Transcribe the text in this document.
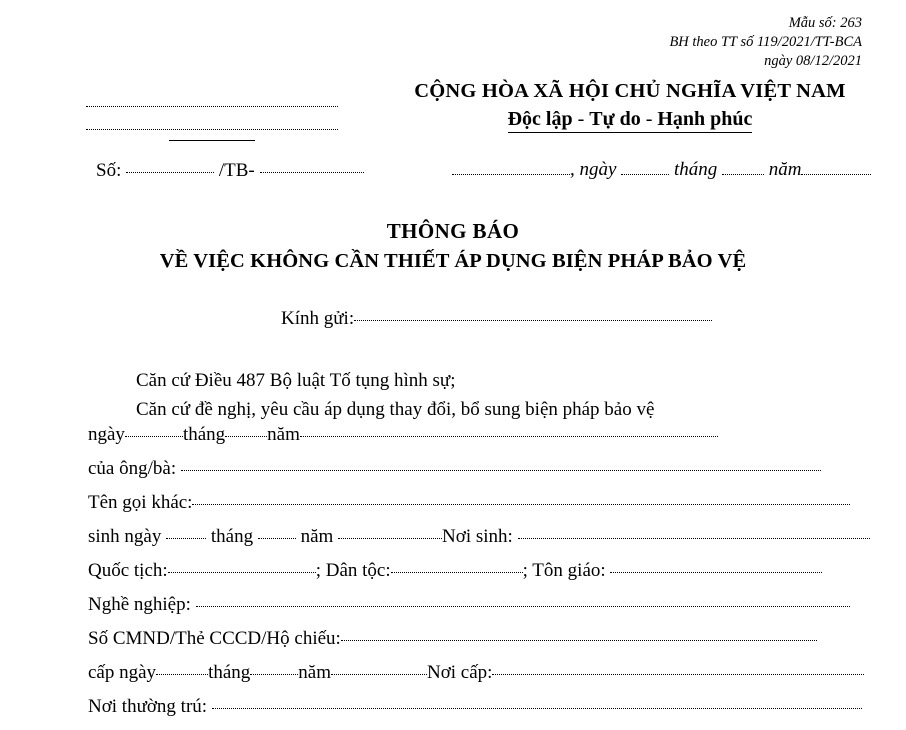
Mẫu số: 263
BH theo TT số 119/2021/TT-BCA
ngày 08/12/2021
Số:	/TB-
CỘNG HÒA XÃ HỘI CHỦ NGHĨA VIỆT NAM
Độc lập - Tự do - Hạnh phúc
, ngày	tháng  năm
THÔNG BÁO
VỀ VIỆC KHÔNG CẦN THIẾT ÁP DỤNG BIỆN PHÁP BẢO VỆ
Kính gửi:
Căn cứ Điều 487 Bộ luật Tố tụng hình sự;
Căn cứ đề nghị, yêu cầu áp dụng thay đổi, bổ sung biện pháp bảo vệ
ngày	tháng năm
của ông/bà:
Tên gọi khác:
sinh ngày	tháng	năm	Nơi sinh:
Quốc tịch:	; Dân tộc:	; Tôn giáo:
Nghề nghiệp:
Số CMND/Thẻ CCCD/Hộ chiếu:
cấp ngày	tháng	năm	Nơi cấp:
Nơi thường trú:
